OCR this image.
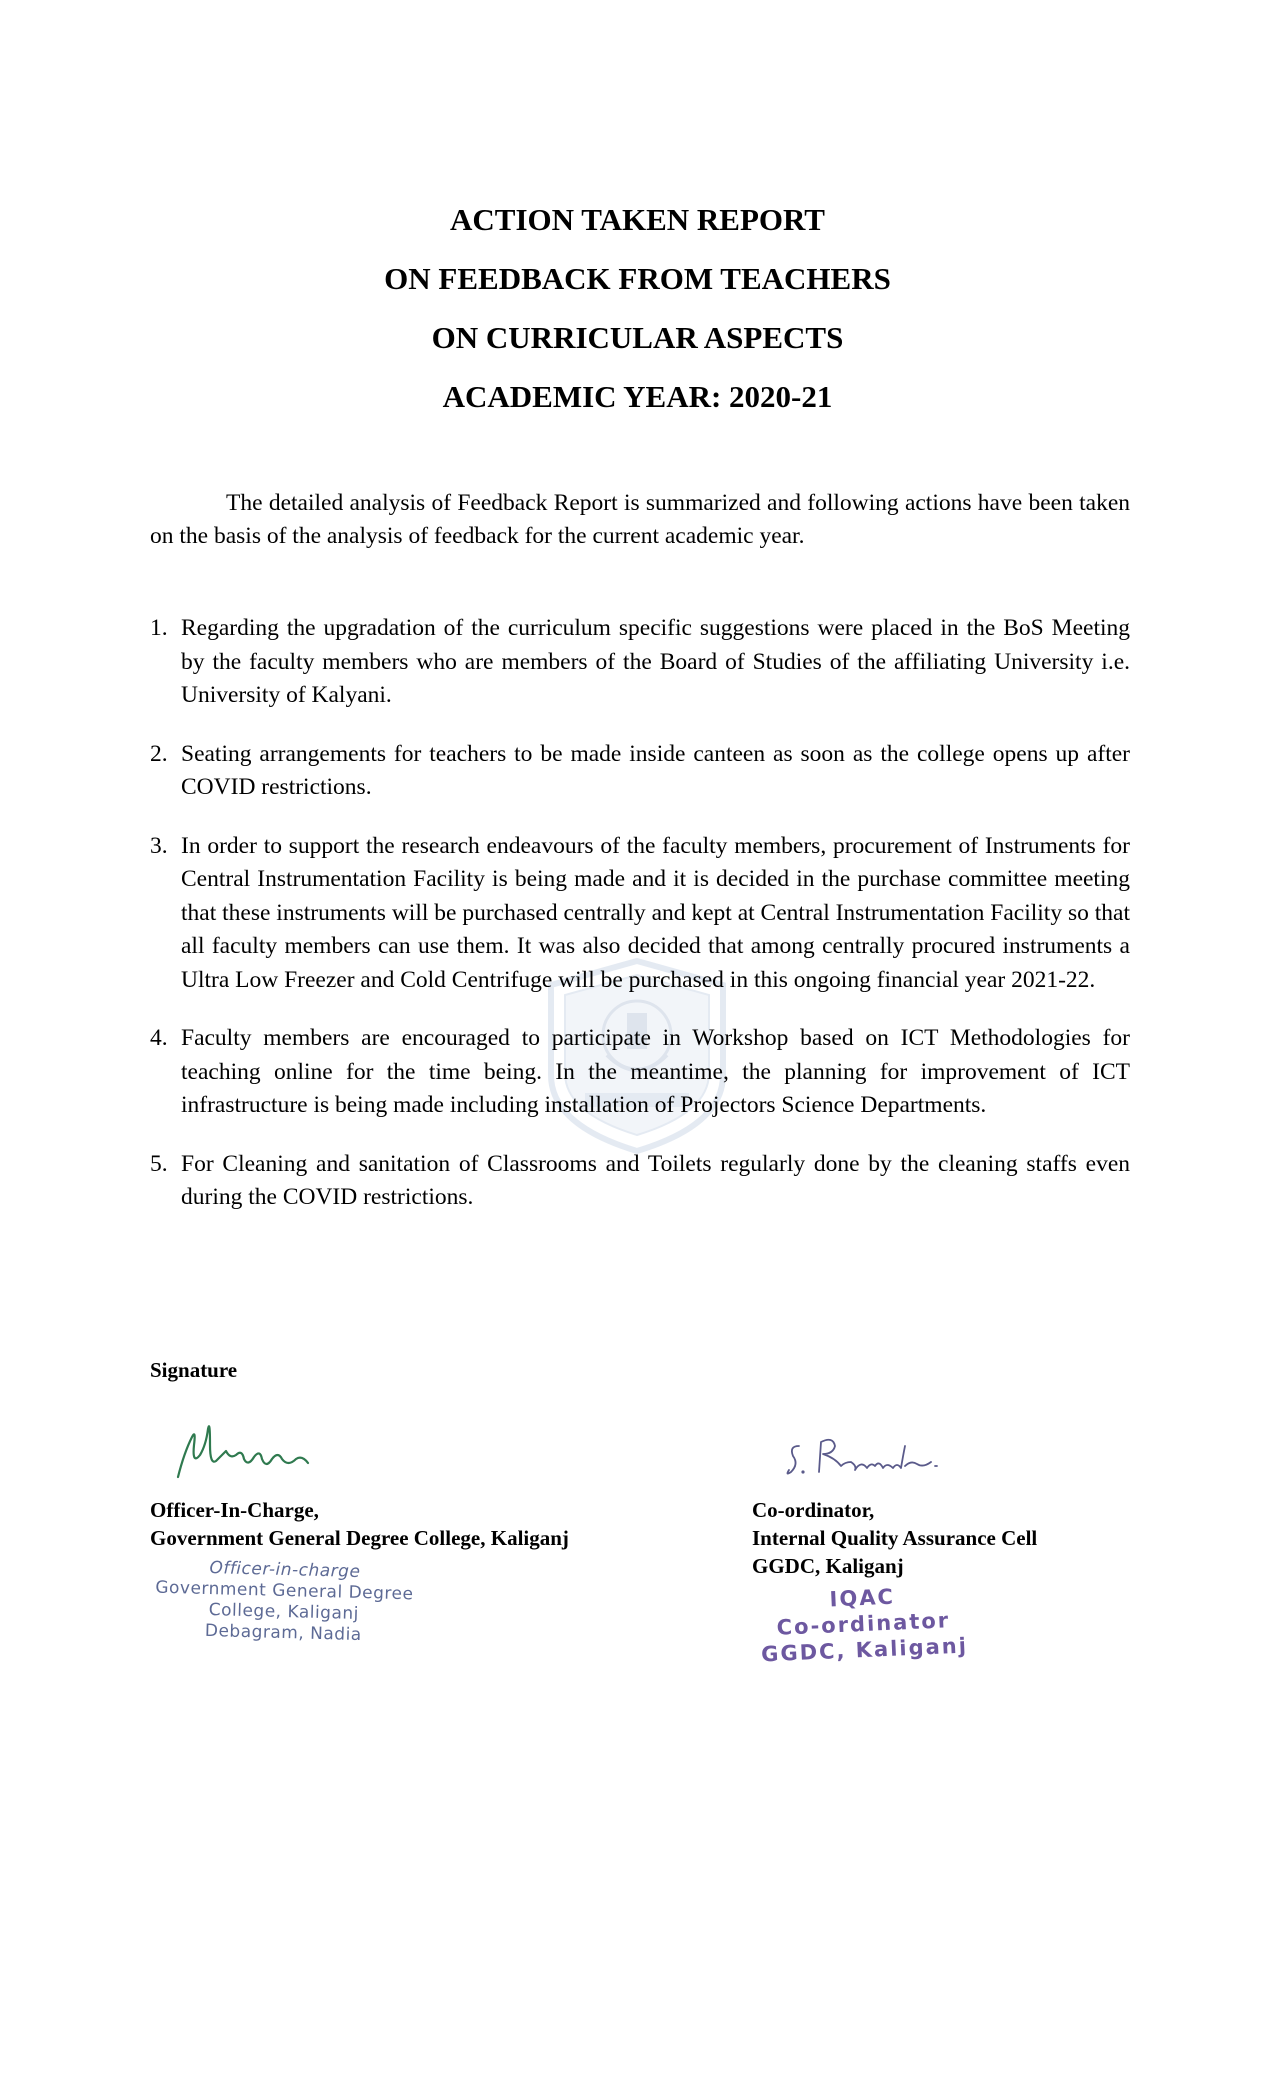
ACTION TAKEN REPORT

ON FEEDBACK FROM TEACHERS

ON CURRICULAR ASPECTS

ACADEMIC YEAR: 2020-21

The detailed analysis of Feedback Report is summarized and following actions have been taken on the basis of the analysis of feedback for the current academic year.

1. Regarding the upgradation of the curriculum specific suggestions were placed in the BoS Meeting by the faculty members who are members of the Board of Studies of the affiliating University i.e. University of Kalyani.
2. Seating arrangements for teachers to be made inside canteen as soon as the college opens up after COVID restrictions.
3. In order to support the research endeavours of the faculty members, procurement of Instruments for Central Instrumentation Facility is being made and it is decided in the purchase committee meeting that these instruments will be purchased centrally and kept at Central Instrumentation Facility so that all faculty members can use them. It was also decided that among centrally procured instruments a Ultra Low Freezer and Cold Centrifuge will be purchased in this ongoing financial year 2021-22.
4. Faculty members are encouraged to participate in Workshop based on ICT Methodologies for teaching online for the time being. In the meantime, the planning for improvement of ICT infrastructure is being made including installation of Projectors Science Departments.
5. For Cleaning and sanitation of Classrooms and Toilets regularly done by the cleaning staffs even during the COVID restrictions.
Signature
Officer-In-Charge,
Government General Degree College, Kaliganj
Officer-in-charge
Government General Degree
College, Kaliganj
Debagram, Nadia
Co-ordinator,
Internal Quality Assurance Cell
GGDC, Kaliganj
IQAC
Co-ordinator
GGDC, Kaliganj
